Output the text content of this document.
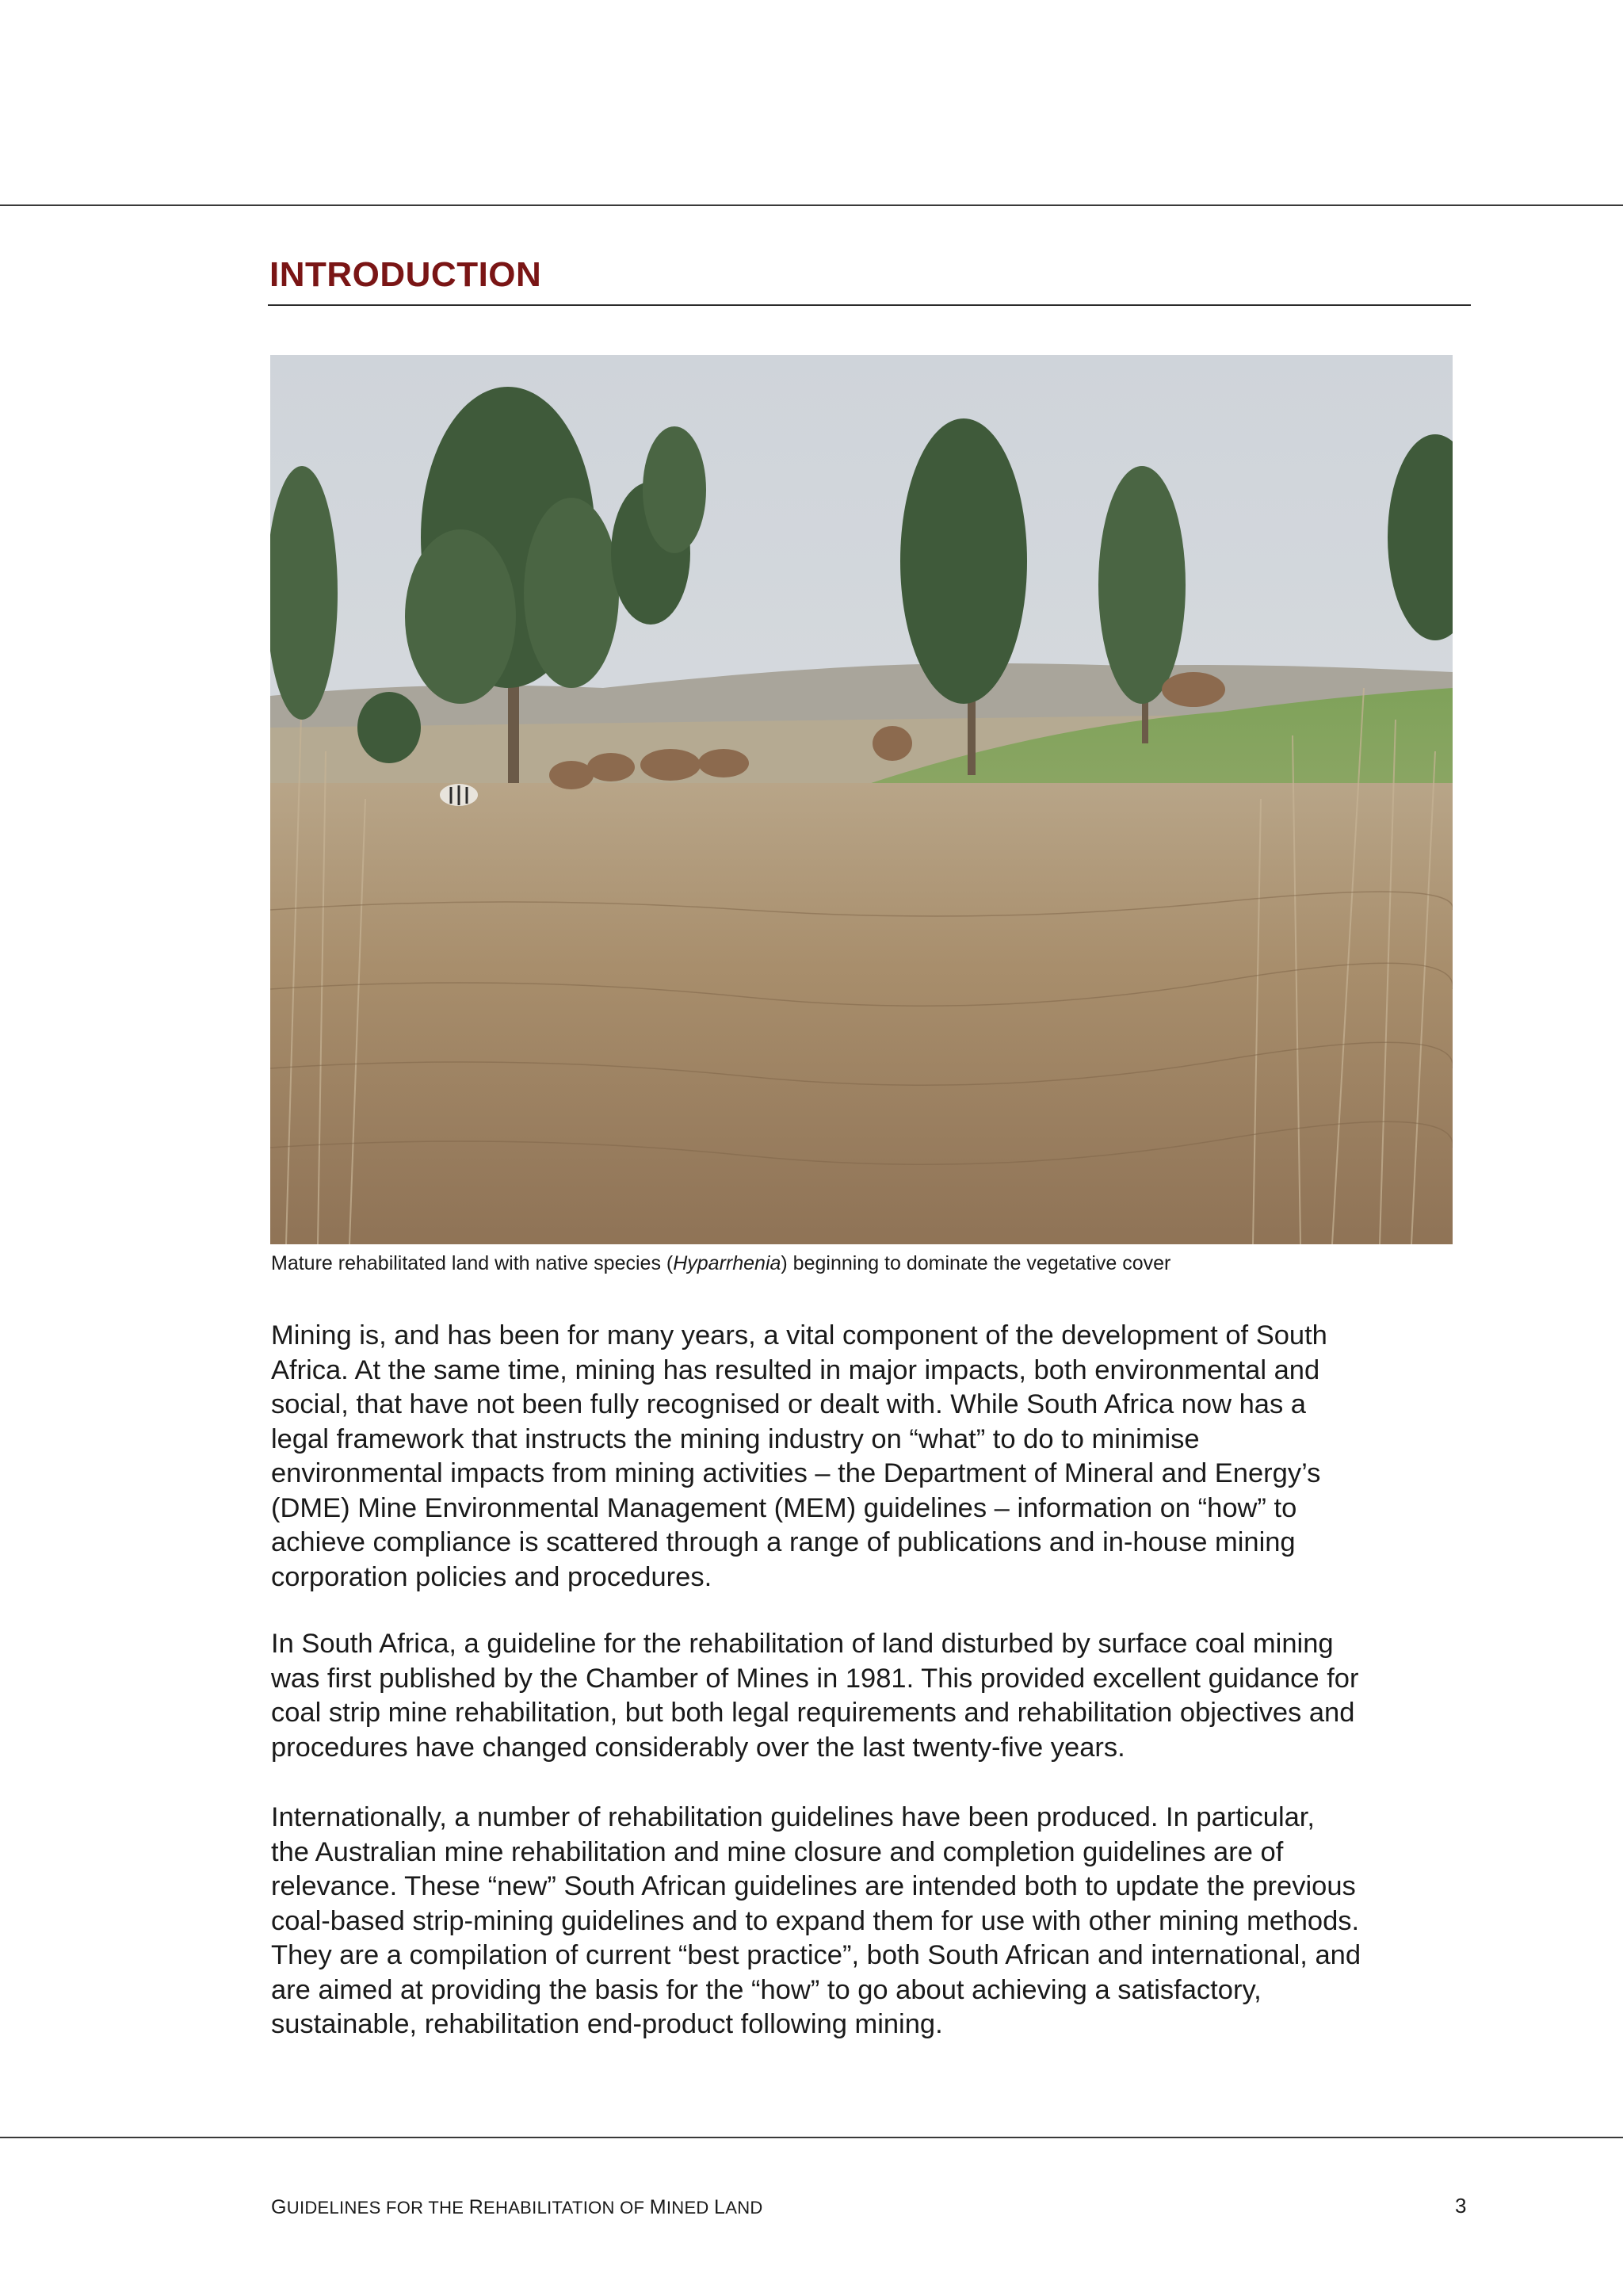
INTRODUCTION
Mature rehabilitated land with native species (Hyparrhenia) beginning to dominate the vegetative cover

Mining is, and has been for many years, a vital component of the development of South
Africa. At the same time, mining has resulted in major impacts, both environmental and
social, that have not been fully recognised or dealt with. While South Africa now has a
legal framework that instructs the mining industry on “what” to do to minimise
environmental impacts from mining activities – the Department of Mineral and Energy’s
(DME) Mine Environmental Management (MEM) guidelines – information on “how” to
achieve compliance is scattered through a range of publications and in-house mining
corporation policies and procedures.

In South Africa, a guideline for the rehabilitation of land disturbed by surface coal mining
was first published by the Chamber of Mines in 1981. This provided excellent guidance for
coal strip mine rehabilitation, but both legal requirements and rehabilitation objectives and
procedures have changed considerably over the last twenty-five years.

Internationally, a number of rehabilitation guidelines have been produced. In particular,
the Australian mine rehabilitation and mine closure and completion guidelines are of
relevance. These “new” South African guidelines are intended both to update the previous
coal-based strip-mining guidelines and to expand them for use with other mining methods.
They are a compilation of current “best practice”, both South African and international, and
are aimed at providing the basis for the “how” to go about achieving a satisfactory,
sustainable, rehabilitation end-product following mining.

GUIDELINES FOR THE REHABILITATION OF MINED LAND	3
